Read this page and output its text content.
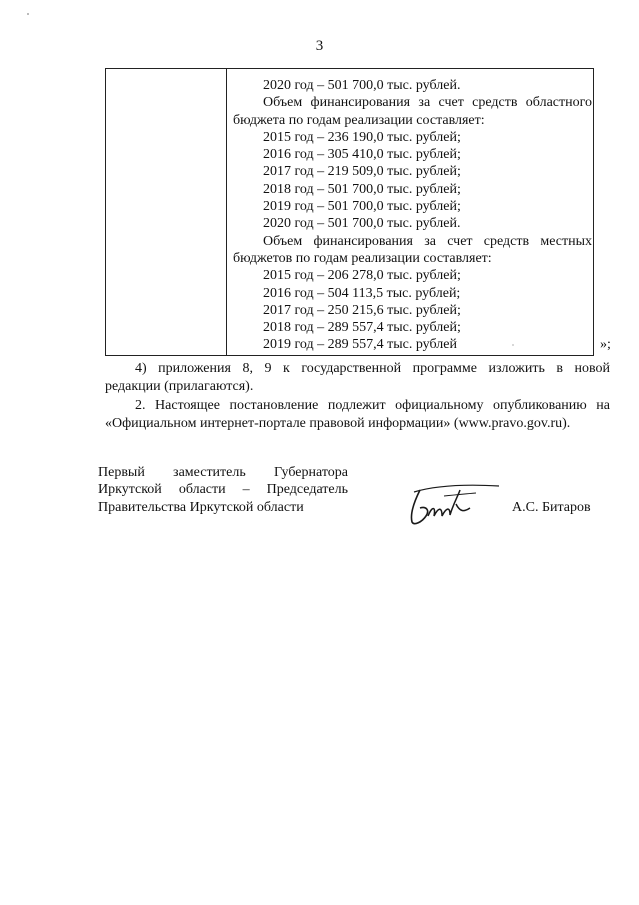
3
2020 год – 501 700,0 тыс. рублей.
Объем финансирования за счет средств областного
бюджета по годам реализации составляет:
2015 год – 236 190,0 тыс. рублей;
2016 год – 305 410,0 тыс. рублей;
2017 год – 219 509,0 тыс. рублей;
2018 год – 501 700,0 тыс. рублей;
2019 год – 501 700,0 тыс. рублей;
2020 год – 501 700,0 тыс. рублей.
Объем финансирования за счет средств местных
бюджетов по годам реализации составляет:
2015 год – 206 278,0 тыс. рублей;
2016 год – 504 113,5 тыс. рублей;
2017 год – 250 215,6 тыс. рублей;
2018 год – 289 557,4 тыс. рублей;
2019 год – 289 557,4 тыс. рублей	»;
4) приложения 8, 9 к государственной программе изложить в новой
редакции (прилагаются).
2. Настоящее постановление подлежит официальному опубликованию на
«Официальном интернет-портале правовой информации» (www.pravo.gov.ru).
Первый заместитель Губернатора
Иркутской области – Председатель
Правительства Иркутской области	А.С. Битаров
